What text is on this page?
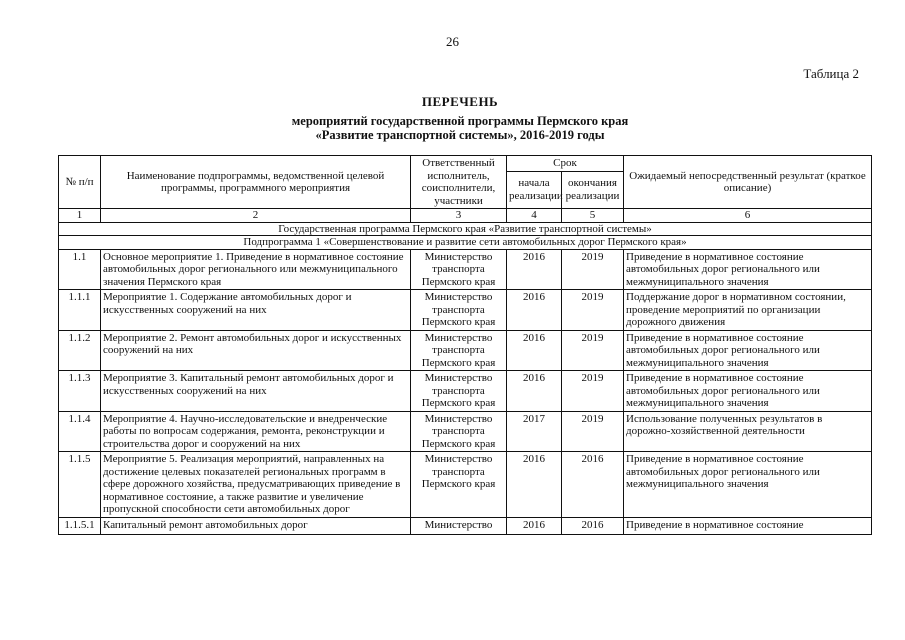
26
Таблица 2
ПЕРЕЧЕНЬ
мероприятий государственной программы Пермского края
«Развитие транспортной системы», 2016-2019 годы
№ п/п	Наименование подпрограммы, ведомственной целевой программы, программного мероприятия	Ответственный исполнитель, соисполнители, участники	Срок		Ожидаемый непосредственный результат (краткое описание)
			начала реализации	окончания реализации	
1	2	3	4	5	6
Государственная программа Пермского края «Развитие транспортной системы»					
Подпрограмма 1 «Совершенствование и развитие сети автомобильных дорог Пермского края»					
1.1	Основное мероприятие 1. Приведение в нормативное состояние автомобильных дорог регионального или межмуниципального значения Пермского края	Министерство транспорта Пермского края	2016	2019	Приведение в нормативное состояние автомобильных дорог регионального или межмуниципального значения
1.1.1	Мероприятие 1. Содержание автомобильных дорог и искусственных сооружений на них	Министерство транспорта Пермского края	2016	2019	Поддержание дорог в нормативном состоянии, проведение мероприятий по организации дорожного движения
1.1.2	Мероприятие 2. Ремонт автомобильных дорог и искусственных сооружений на них	Министерство транспорта Пермского края	2016	2019	Приведение в нормативное состояние автомобильных дорог регионального или межмуниципального значения
1.1.3	Мероприятие 3. Капитальный ремонт автомобильных дорог и искусственных сооружений на них	Министерство транспорта Пермского края	2016	2019	Приведение в нормативное состояние автомобильных дорог регионального или межмуниципального значения
1.1.4	Мероприятие 4. Научно-исследовательские и внедренческие работы по вопросам содержания, ремонта, реконструкции и строительства дорог и сооружений на них	Министерство транспорта Пермского края	2017	2019	Использование полученных результатов в дорожно-хозяйственной деятельности
1.1.5	Мероприятие 5. Реализация мероприятий, направленных на достижение целевых показателей региональных программ в сфере дорожного хозяйства, предусматривающих приведение в нормативное состояние, а также развитие и увеличение пропускной способности сети автомобильных дорог	Министерство транспорта Пермского края	2016	2016	Приведение в нормативное состояние автомобильных дорог регионального или межмуниципального значения
1.1.5.1	Капитальный ремонт автомобильных дорог	Министерство	2016	2016	Приведение в нормативное состояние
